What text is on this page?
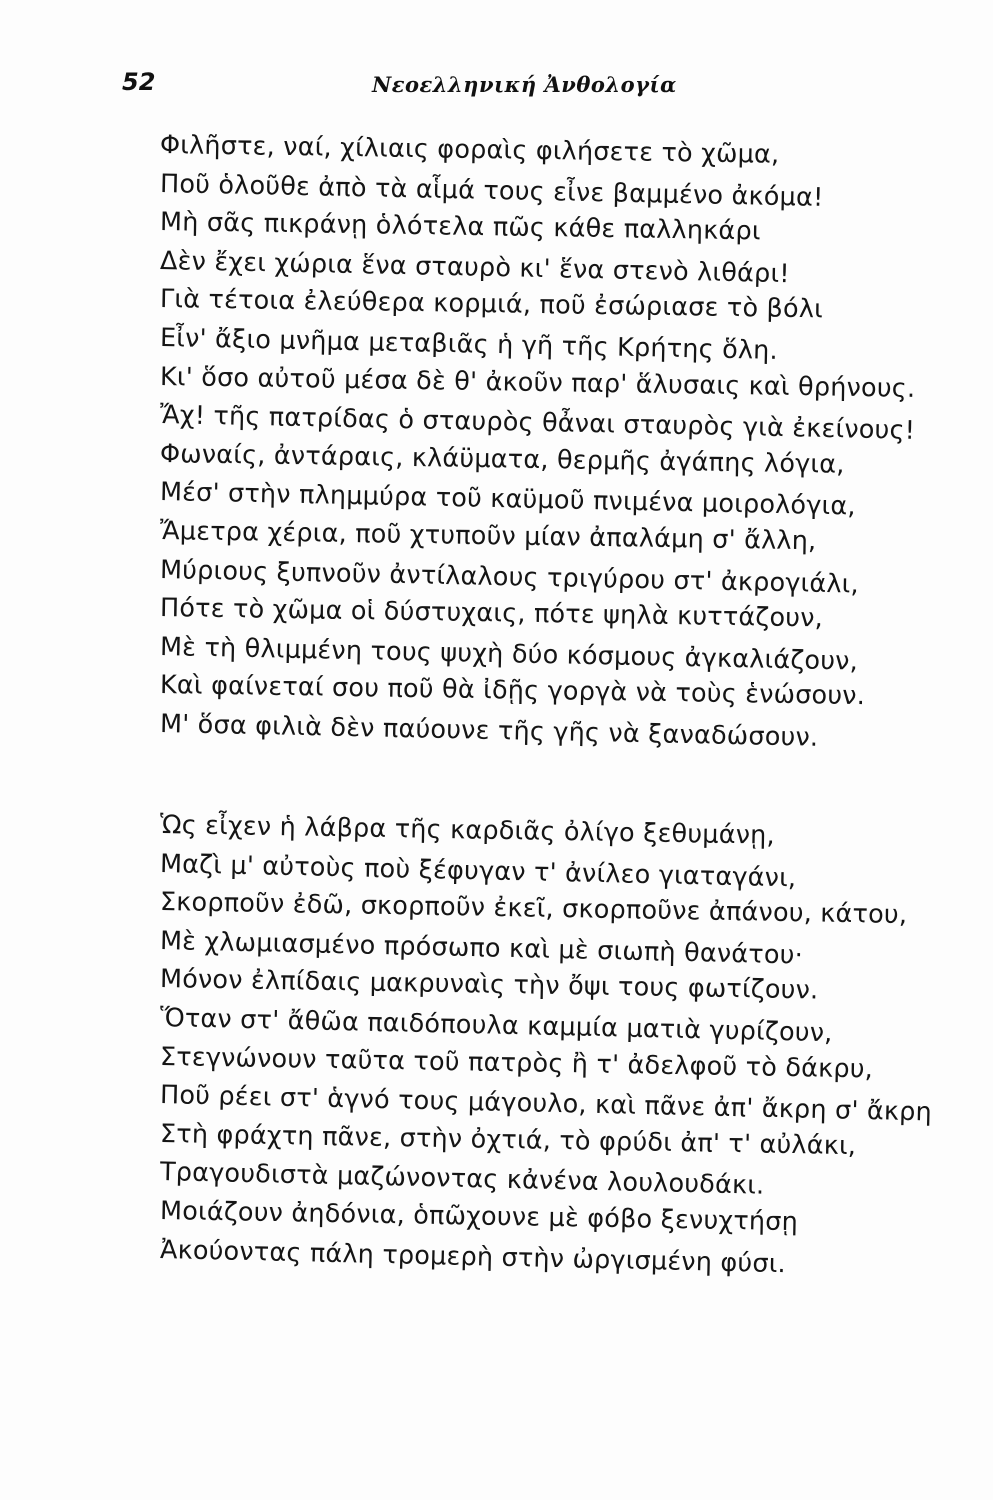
52	Νεοελληνική Ἀνθολογία
Φιλῆστε, ναί, χίλιαις φοραὶς φιλήσετε τὸ χῶμα,
Ποῦ ὁλοῦθε ἀπὸ τὰ αἷμά τους εἶνε βαμμένο ἀκόμα!
Μὴ σᾶς πικράνῃ ὁλότελα πῶς κάθε παλληκάρι
Δὲν ἔχει χώρια ἕνα σταυρὸ κι' ἕνα στενὸ λιθάρι!
Γιὰ τέτοια ἐλεύθερα κορμιά, ποῦ ἐσώριασε τὸ βόλι
Εἶν' ἄξιο μνῆμα μεταβιᾶς ἡ γῆ τῆς Κρήτης ὅλη.
Κι' ὅσο αὐτοῦ μέσα δὲ θ' ἀκοῦν παρ' ἅλυσαις καὶ θρήνους.
Ἄχ! τῆς πατρίδας ὁ σταυρὸς θἆναι σταυρὸς γιὰ ἐκείνους!
Φωναίς, ἀντάραις, κλάϋματα, θερμῆς ἀγάπης λόγια,
Μέσ' στὴν πλημμύρα τοῦ καϋμοῦ πνιμένα μοιρολόγια,
Ἄμετρα χέρια, ποῦ χτυποῦν μίαν ἀπαλάμη σ' ἄλλη,
Μύριους ξυπνοῦν ἀντίλαλους τριγύρου στ' ἀκρογιάλι,
Πότε τὸ χῶμα οἱ δύστυχαις, πότε ψηλὰ κυττάζουν,
Μὲ τὴ θλιμμένη τους ψυχὴ δύο κόσμους ἀγκαλιάζουν,
Καὶ φαίνεταί σου ποῦ θὰ ἰδῇς γοργὰ νὰ τοὺς ἑνώσουν.
Μ' ὅσα φιλιὰ δὲν παύουνε τῆς γῆς νὰ ξαναδώσουν.
Ὡς εἶχεν ἡ λάβρα τῆς καρδιᾶς ὀλίγο ξεθυμάνῃ,
Μαζὶ μ' αὐτοὺς ποὺ ξέφυγαν τ' ἀνίλεο γιαταγάνι,
Σκορποῦν ἐδῶ, σκορποῦν ἐκεῖ, σκορποῦνε ἀπάνου, κάτου,
Μὲ χλωμιασμένο πρόσωπο καὶ μὲ σιωπὴ θανάτου·
Μόνον ἐλπίδαις μακρυναὶς τὴν ὄψι τους φωτίζουν.
Ὅταν στ' ἄθῶα παιδόπουλα καμμία ματιὰ γυρίζουν,
Στεγνώνουν ταῦτα τοῦ πατρὸς ἢ τ' ἀδελφοῦ τὸ δάκρυ,
Ποῦ ρέει στ' ἁγνό τους μάγουλο, καὶ πᾶνε ἀπ' ἄκρη σ' ἄκρη
Στὴ φράχτη πᾶνε, στὴν ὀχτιά, τὸ φρύδι ἀπ' τ' αὐλάκι,
Τραγουδιστὰ μαζώνοντας κἀνένα λουλουδάκι.
Μοιάζουν ἀηδόνια, ὁπῶχουνε μὲ φόβο ξενυχτήσῃ
Ἀκούοντας πάλη τρομερὴ στὴν ὠργισμένη φύσι.
